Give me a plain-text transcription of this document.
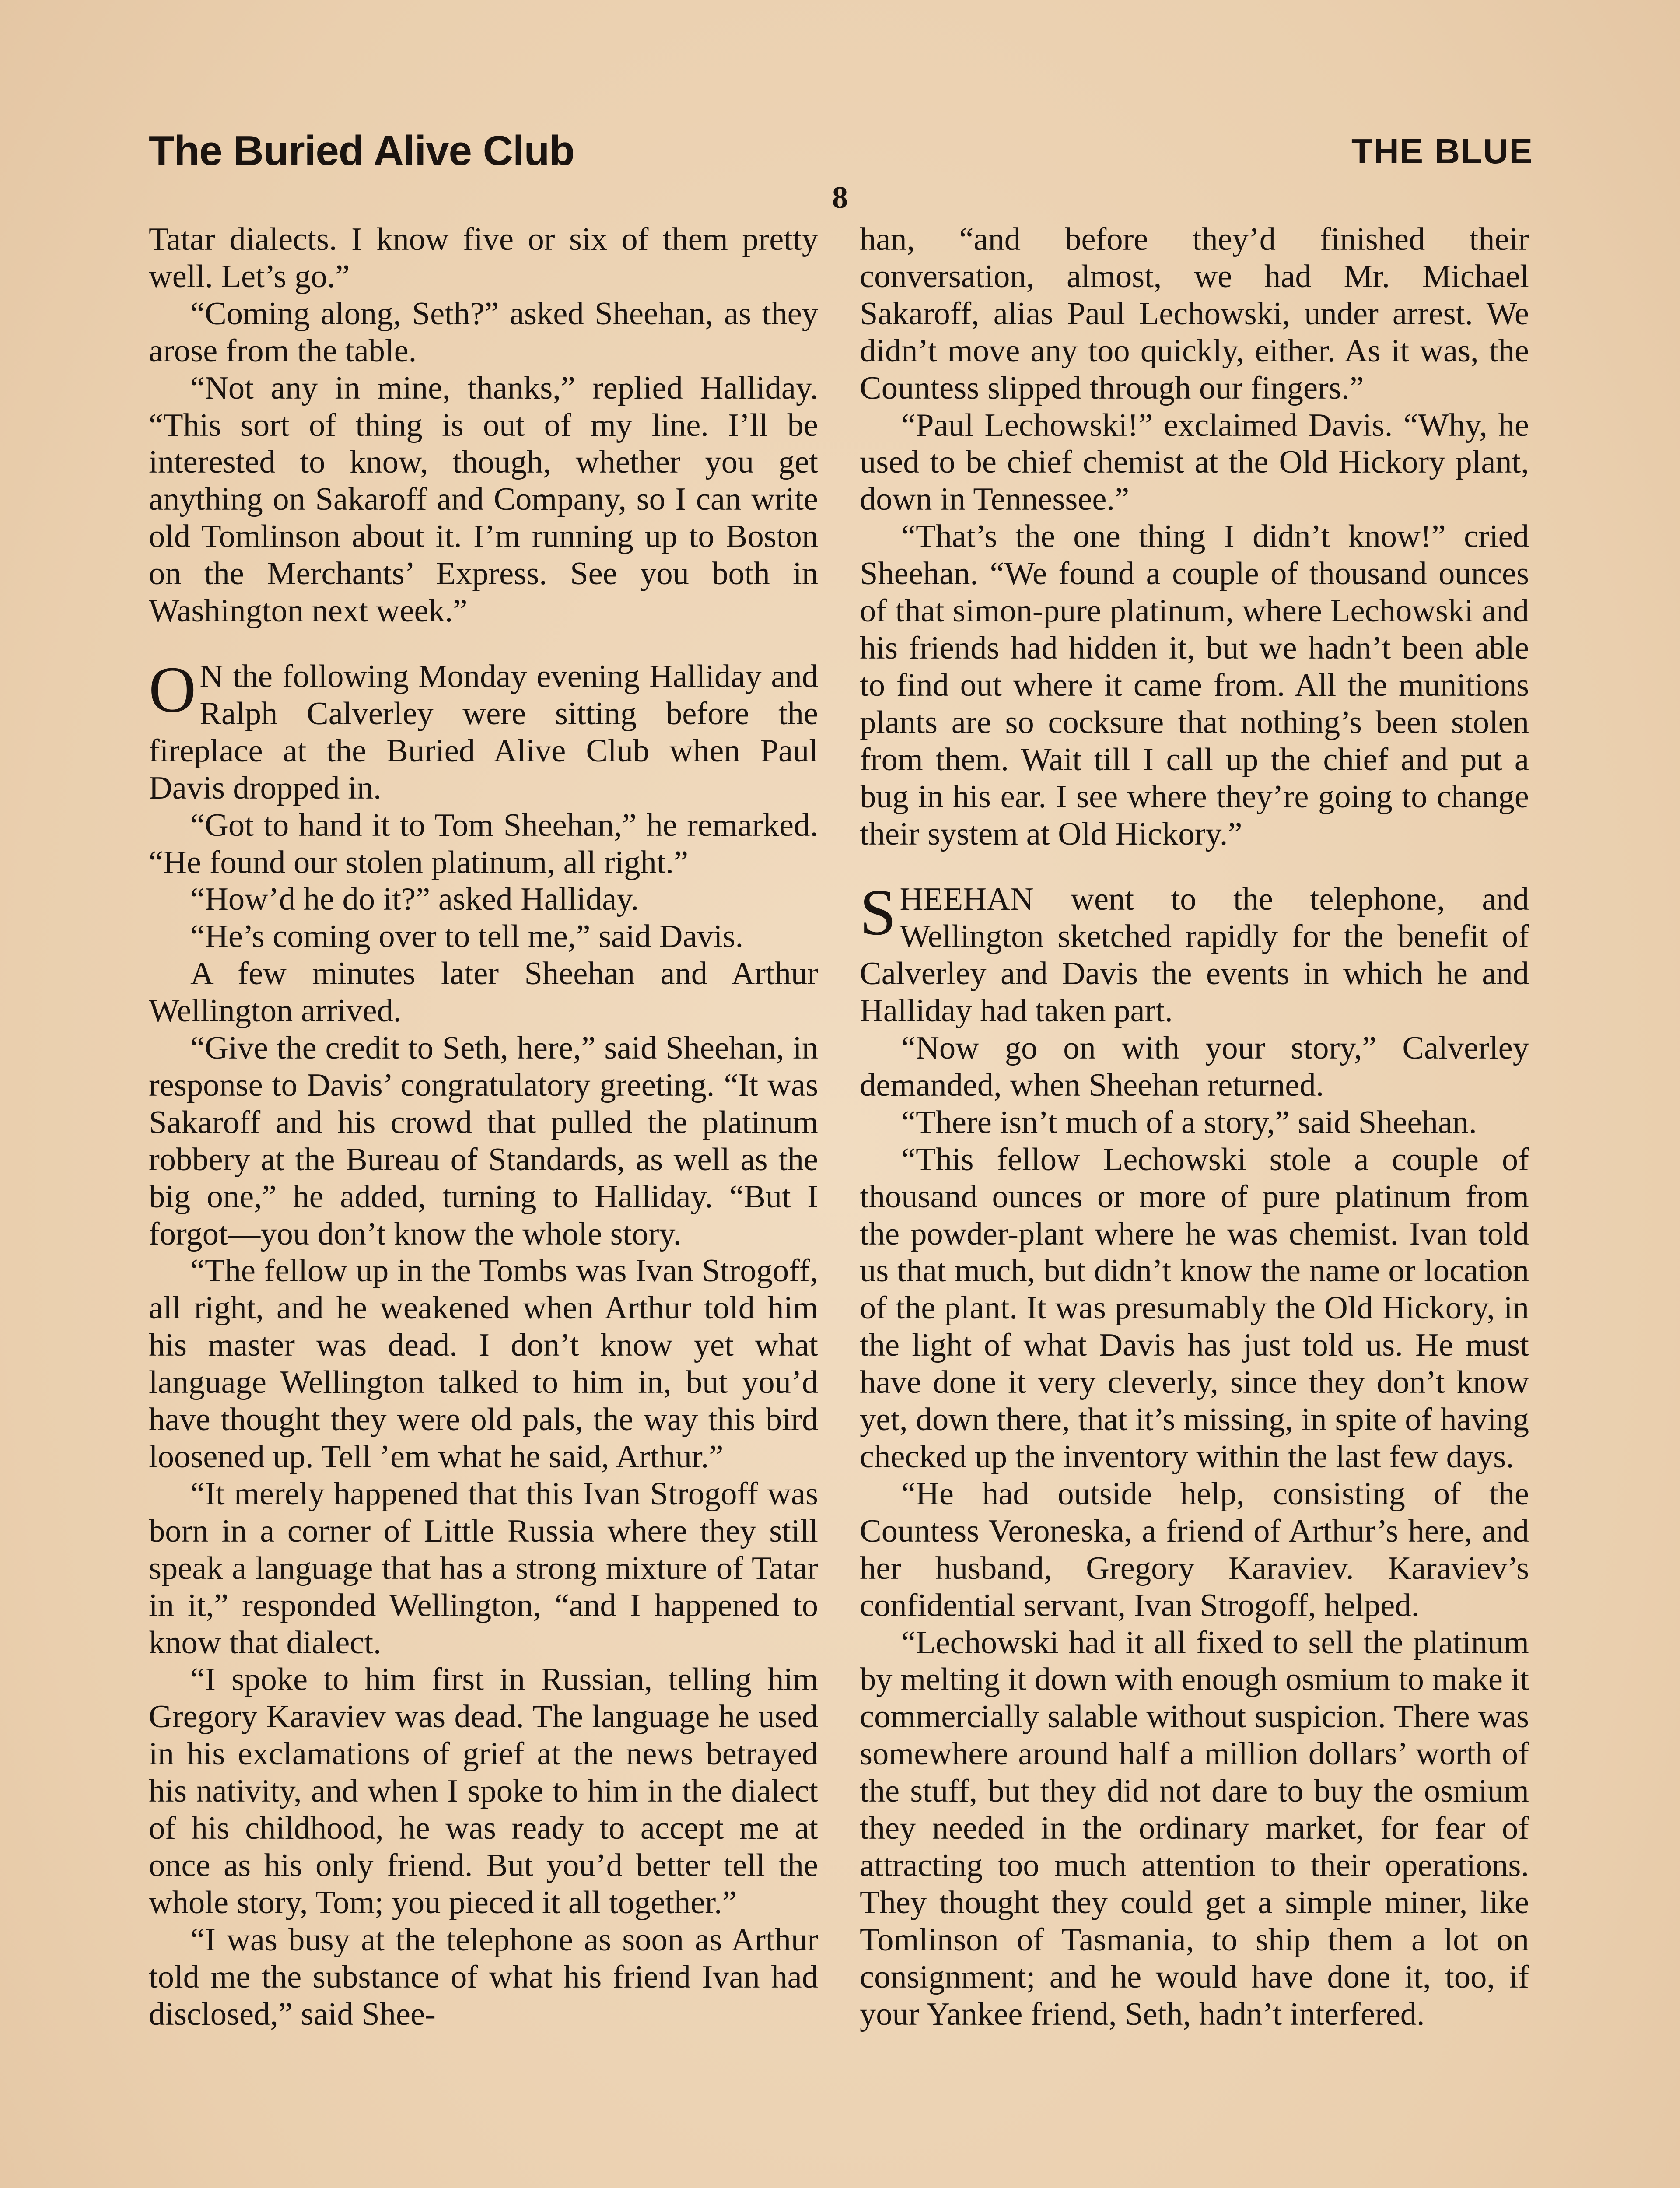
The Buried Alive Club	THE BLUE
8

Tatar dialects. I know five or six of them pretty well. Let’s go.”

“Coming along, Seth?” asked Sheehan, as they arose from the table.

“Not any in mine, thanks,” replied Halliday. “This sort of thing is out of my line. I’ll be interested to know, though, whether you get anything on Sakaroff and Company, so I can write old Tomlinson about it. I’m running up to Boston on the Merchants’ Express. See you both in Washington next week.”

O N the following Monday evening Halliday and Ralph Calverley were sitting before the fireplace at the Buried Alive Club when Paul Davis dropped in.

“Got to hand it to Tom Sheehan,” he remarked. “He found our stolen platinum, all right.”

“How’d he do it?” asked Halliday.

“He’s coming over to tell me,” said Davis.

A few minutes later Sheehan and Arthur Wellington arrived.

“Give the credit to Seth, here,” said Sheehan, in response to Davis’ congratulatory greeting. “It was Sakaroff and his crowd that pulled the platinum robbery at the Bureau of Standards, as well as the big one,” he added, turning to Halliday. “But I forgot—you don’t know the whole story.

“The fellow up in the Tombs was Ivan Strogoff, all right, and he weakened when Arthur told him his master was dead. I don’t know yet what language Wellington talked to him in, but you’d have thought they were old pals, the way this bird loosened up. Tell ’em what he said, Arthur.”

“It merely happened that this Ivan Strogoff was born in a corner of Little Russia where they still speak a language that has a strong mixture of Tatar in it,” responded Wellington, “and I happened to know that dialect.

“I spoke to him first in Russian, telling him Gregory Karaviev was dead. The language he used in his exclamations of grief at the news betrayed his nativity, and when I spoke to him in the dialect of his childhood, he was ready to accept me at once as his only friend. But you’d better tell the whole story, Tom; you pieced it all together.”

“I was busy at the telephone as soon as Arthur told me the substance of what his friend Ivan had disclosed,” said Shee-

han, “and before they’d finished their conversation, almost, we had Mr. Michael Sakaroff, alias Paul Lechowski, under arrest. We didn’t move any too quickly, either. As it was, the Countess slipped through our fingers.”

“Paul Lechowski!” exclaimed Davis. “Why, he used to be chief chemist at the Old Hickory plant, down in Tennessee.”

“That’s the one thing I didn’t know!” cried Sheehan. “We found a couple of thousand ounces of that simon-pure platinum, where Lechowski and his friends had hidden it, but we hadn’t been able to find out where it came from. All the munitions plants are so cocksure that nothing’s been stolen from them. Wait till I call up the chief and put a bug in his ear. I see where they’re going to change their system at Old Hickory.”

SHEEHAN went to the telephone, and Wellington sketched rapidly for the benefit of Calverley and Davis the events in which he and Halliday had taken part.

“Now go on with your story,” Calverley demanded, when Sheehan returned.

“There isn’t much of a story,” said Sheehan.

“This fellow Lechowski stole a couple of thousand ounces or more of pure platinum from the powder-plant where he was chemist. Ivan told us that much, but didn’t know the name or location of the plant. It was presumably the Old Hickory, in the light of what Davis has just told us. He must have done it very cleverly, since they don’t know yet, down there, that it’s missing, in spite of having checked up the inventory within the last few days.

“He had outside help, consisting of the Countess Veroneska, a friend of Arthur’s here, and her husband, Gregory Karaviev. Karaviev’s confidential servant, Ivan Strogoff, helped.

“Lechowski had it all fixed to sell the platinum by melting it down with enough osmium to make it commercially salable without suspicion. There was somewhere around half a million dollars’ worth of the stuff, but they did not dare to buy the osmium they needed in the ordinary market, for fear of attracting too much attention to their operations. They thought they could get a simple miner, like Tomlinson of Tasmania, to ship them a lot on consignment; and he would have done it, too, if your Yankee friend, Seth, hadn’t interfered.
